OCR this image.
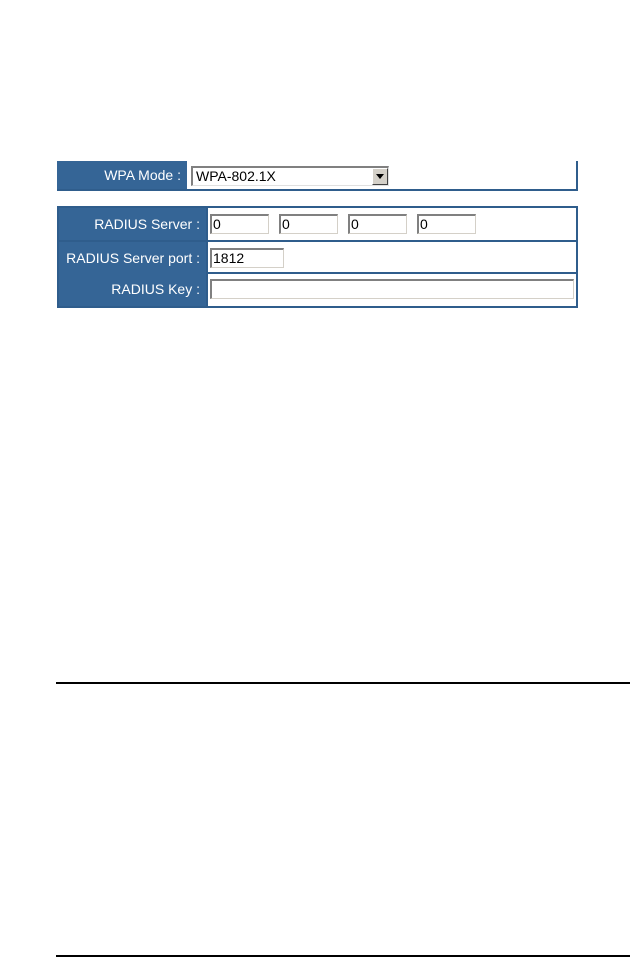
WPA Mode :	WPA-802.1X
RADIUS Server : 0	0	0	0
RADIUS Server port : 1812
RADIUS Key :
